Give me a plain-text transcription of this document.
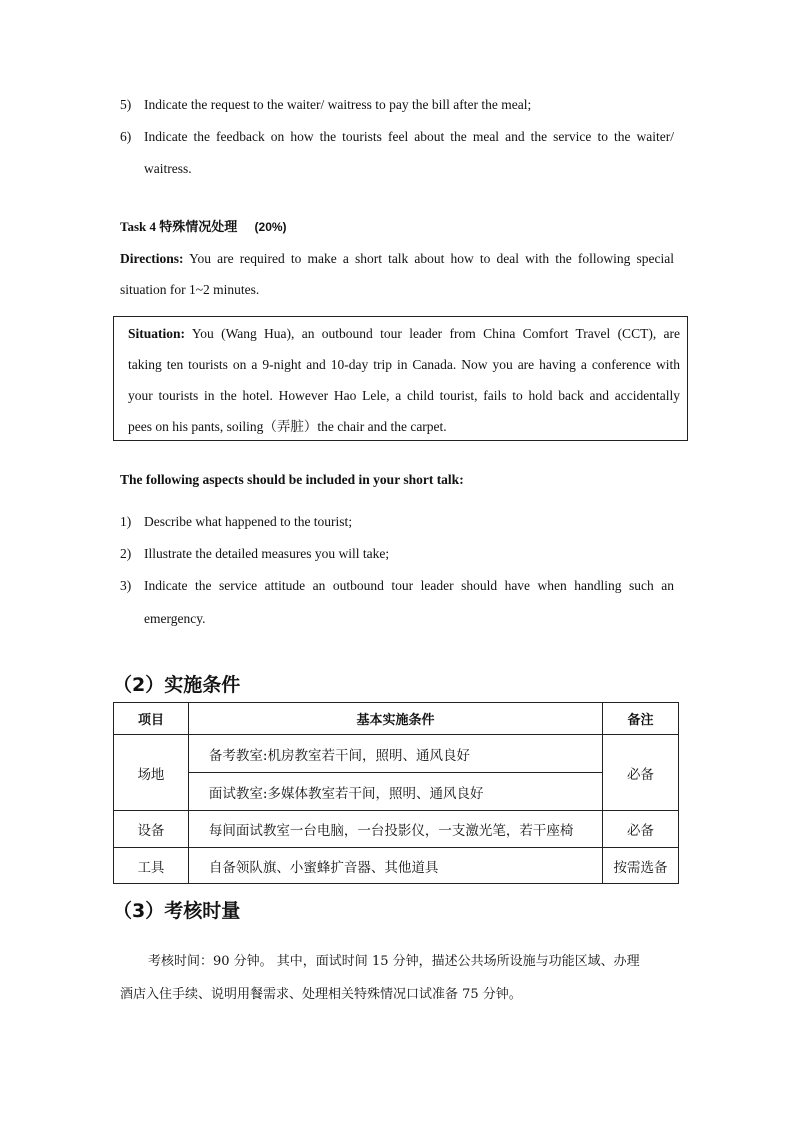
5) Indicate the request to the waiter/ waitress to pay the bill after the meal;
6) Indicate the feedback on how the tourists feel about the meal and the service to the waiter/
waitress.
Task 4 特殊情况处理 (20%)
Directions: You are required to make a short talk about how to deal with the following special
situation for 1~2 minutes.
Situation: You (Wang Hua), an outbound tour leader from China Comfort Travel (CCT), are
taking ten tourists on a 9-night and 10-day trip in Canada. Now you are having a conference with
your tourists in the hotel. However Hao Lele, a child tourist, fails to hold back and accidentally
pees on his pants, soiling（弄脏）the chair and the carpet.
The following aspects should be included in your short talk:
1) Describe what happened to the tourist;
2) Illustrate the detailed measures you will take;
3) Indicate the service attitude an outbound tour leader should have when handling such an
emergency.
（2）实施条件
项目	基本实施条件	备注
场地	备考教室:机房教室若干间，照明、通风良好	必备
	面试教室:多媒体教室若干间，照明、通风良好	
设备	每间面试教室一台电脑，一台投影仪，一支激光笔，若干座椅	必备
工具	自备领队旗、小蜜蜂扩音器、其他道具	按需选备
（3）考核时量
考核时间：90 分钟。 其中，面试时间 15 分钟，描述公共场所设施与功能区域、办理
酒店入住手续、说明用餐需求、处理相关特殊情况口试准备 75 分钟。
